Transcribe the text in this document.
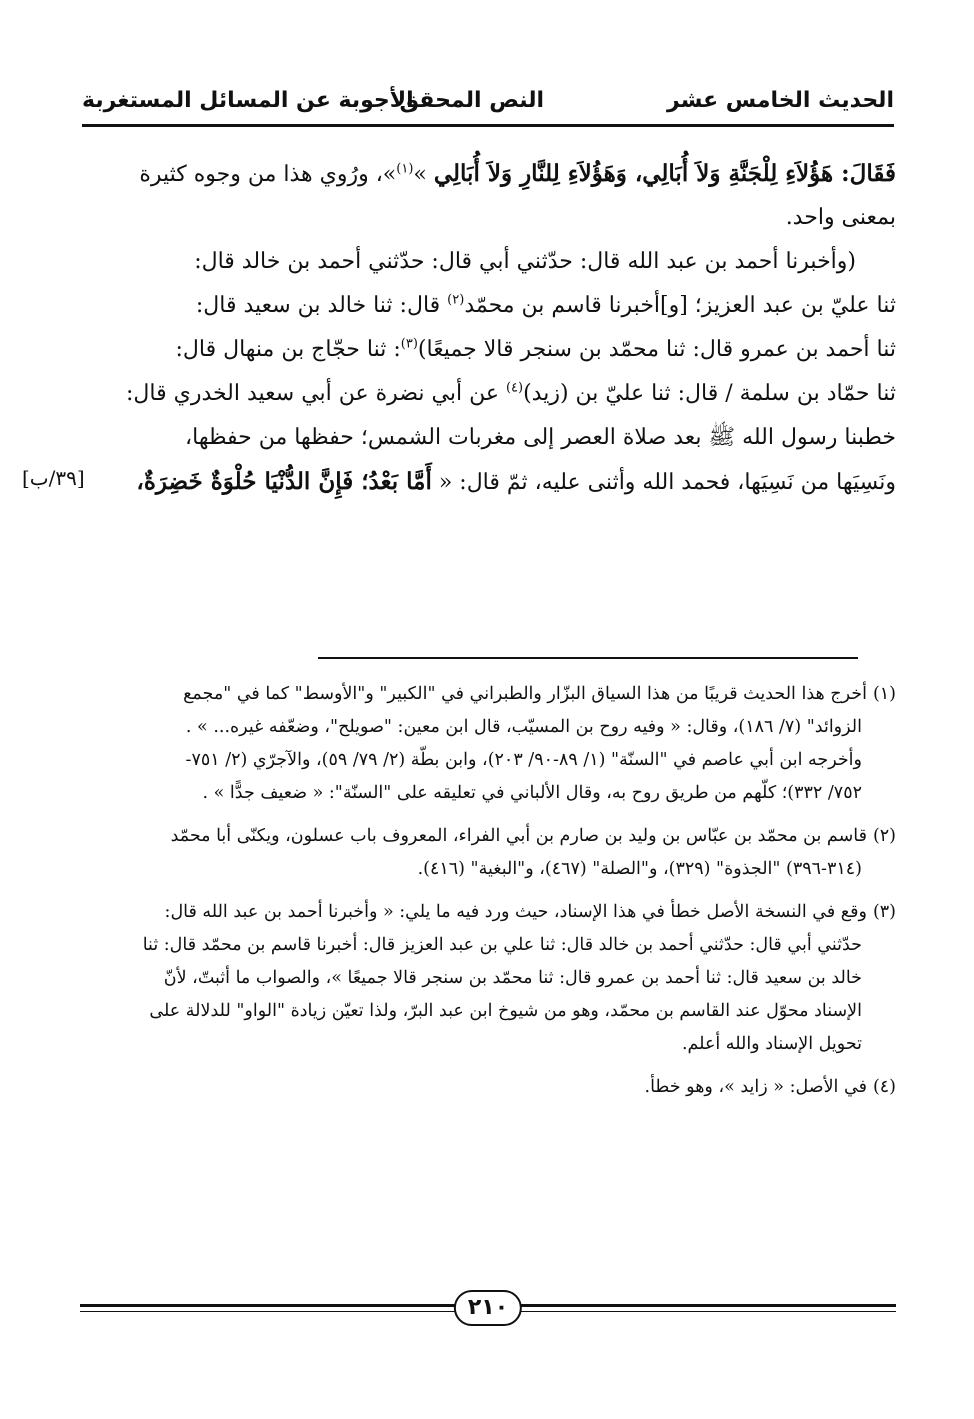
الحديث الخامس عشر
النص المحقق
الأجوبة عن المسائل المستغربة
فَقَالَ: هَؤُلاَءِ لِلْجَنَّةِ وَلاَ أُبَالِي، وَهَؤُلاَءِ لِلنَّارِ وَلاَ أُبَالِي »$^{(١)}$»، ورُوي هذا من وجوه كثيرة
بمعنى واحد.
(وأخبرنا أحمد بن عبد الله قال: حدّثني أبي قال: حدّثني أحمد بن خالد قال:
ثنا عليّ بن عبد العزيز؛ [و]أخبرنا قاسم بن محمّد$^{(٢)}$ قال: ثنا خالد بن سعيد قال:
ثنا أحمد بن عمرو قال: ثنا محمّد بن سنجر قالا جميعًا)$^{(٣)}$: ثنا حجّاج بن منهال قال:
ثنا حمّاد بن سلمة / قال: ثنا عليّ بن (زيد)$^{(٤)}$ عن أبي نضرة عن أبي سعيد الخدري قال:
خطبنا رسول الله ﷺ بعد صلاة العصر إلى مغربات الشمس؛ حفظها من حفظها،
ونَسِيَها من نَسِيَها، فحمد الله وأثنى عليه، ثمّ قال: « أَمَّا بَعْدُ؛ فَإِنَّ الدُّنْيَا حُلْوَةٌ خَضِرَةٌ،
[٣٩/ب]
(١)أخرج هذا الحديث قريبًا من هذا السياق البزّار والطبراني في "الكبير" و"الأوسط" كما في "مجمع
الزوائد" (٧/ ١٨٦)، وقال: « وفيه روح بن المسيّب، قال ابن معين: "صويلح"، وضعّفه غيره... » .
وأخرجه ابن أبي عاصم في "السنّة" (١/ ٨٩-٩٠/ ٢٠٣)، وابن بطّة (٢/ ٧٩/ ٥٩)، والآجرّي (٢/ ٧٥١-
٧٥٢/ ٣٣٢)؛ كلّهم من طريق روح به، وقال الألباني في تعليقه على "السنّة": « ضعيف جدًّا » .
(٢)قاسم بن محمّد بن عبّاس بن وليد بن صارم بن أبي الفراء، المعروف باب عسلون، ويكنّى أبا محمّد
(٣١٤-٣٩٦) "الجذوة" (٣٢٩)، و"الصلة" (٤٦٧)، و"البغية" (٤١٦).
(٣)وقع في النسخة الأصل خطأ في هذا الإسناد، حيث ورد فيه ما يلي: « وأخبرنا أحمد بن عبد الله قال:
حدّثني أبي قال: حدّثني أحمد بن خالد قال: ثنا علي بن عبد العزيز قال: أخبرنا قاسم بن محمّد قال: ثنا
خالد بن سعيد قال: ثنا أحمد بن عمرو قال: ثنا محمّد بن سنجر قالا جميعًا »، والصواب ما أثبتّ، لأنّ
الإسناد محوّل عند القاسم بن محمّد، وهو من شيوخ ابن عبد البرّ، ولذا تعيّن زيادة "الواو" للدلالة على
تحويل الإسناد والله أعلم.
(٤)في الأصل: « زايد »، وهو خطأ.
٢١٠
